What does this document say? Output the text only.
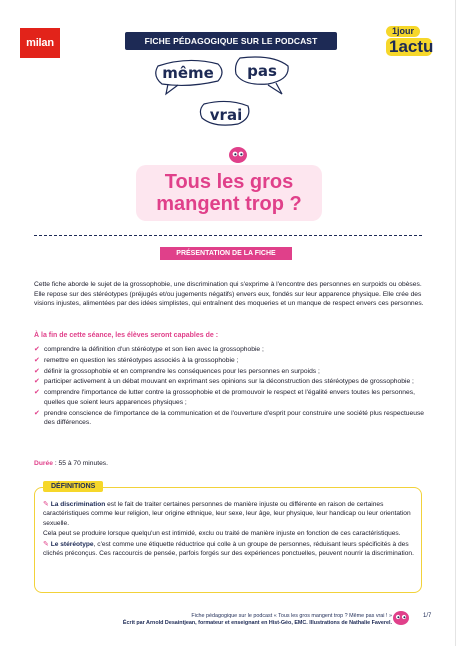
milan	FICHE PÉDAGOGIQUE SUR LE PODCAST
1jour
1actu
même pas
vrai
Tous les gros
mangent trop ?
PRÉSENTATION DE LA FICHE
Cette fiche aborde le sujet de la grossophobie, une discrimination qui s'exprime à l'encontre des personnes en surpoids ou obèses. Elle repose sur des stéréotypes (préjugés et/ou jugements négatifs) envers eux, fondés sur leur apparence physique. Elle crée des visions injustes, alimentées par des idées simplistes, qui entraînent des moqueries et un manque de respect envers ces personnes.
À la fin de cette séance, les élèves seront capables de :
✔ comprendre la définition d'un stéréotype et son lien avec la grossophobie ;
✔ remettre en question les stéréotypes associés à la grossophobie ;
✔ définir la grossophobie et en comprendre les conséquences pour les personnes en surpoids ;
✔ participer activement à un débat mouvant en exprimant ses opinions sur la déconstruction des stéréotypes de grossophobie ;
✔ comprendre l'importance de lutter contre la grossophobie et de promouvoir le respect et l'égalité envers toutes les personnes, quelles que soient leurs apparences physiques ;
✔ prendre conscience de l'importance de la communication et de l'ouverture d'esprit pour construire une société plus respectueuse des différences.
Durée : 55 à 70 minutes.
DÉFINITIONS

✎ La discrimination est le fait de traiter certaines personnes de manière injuste ou différente en raison de certaines caractéristiques comme leur religion, leur origine ethnique, leur sexe, leur âge, leur physique, leur handicap ou leur orientation sexuelle.

Cela peut se produire lorsque quelqu'un est intimidé, exclu ou traité de manière injuste en fonction de ces caractéristiques.

✎ Le stéréotype, c'est comme une étiquette réductrice qui colle à un groupe de personnes, réduisant leurs spécificités à des clichés préconçus. Ces raccourcis de pensée, parfois forgés sur des expériences ponctuelles, peuvent nourrir la discrimination.

Fiche pédagogique sur le podcast « Tous les gros mangent trop ? Même pas vrai ! »
Écrit par Arnold Desaintjean, formateur et enseignant en Hist-Géo, EMC. Illustrations de Nathalie Faverel.
1/7
